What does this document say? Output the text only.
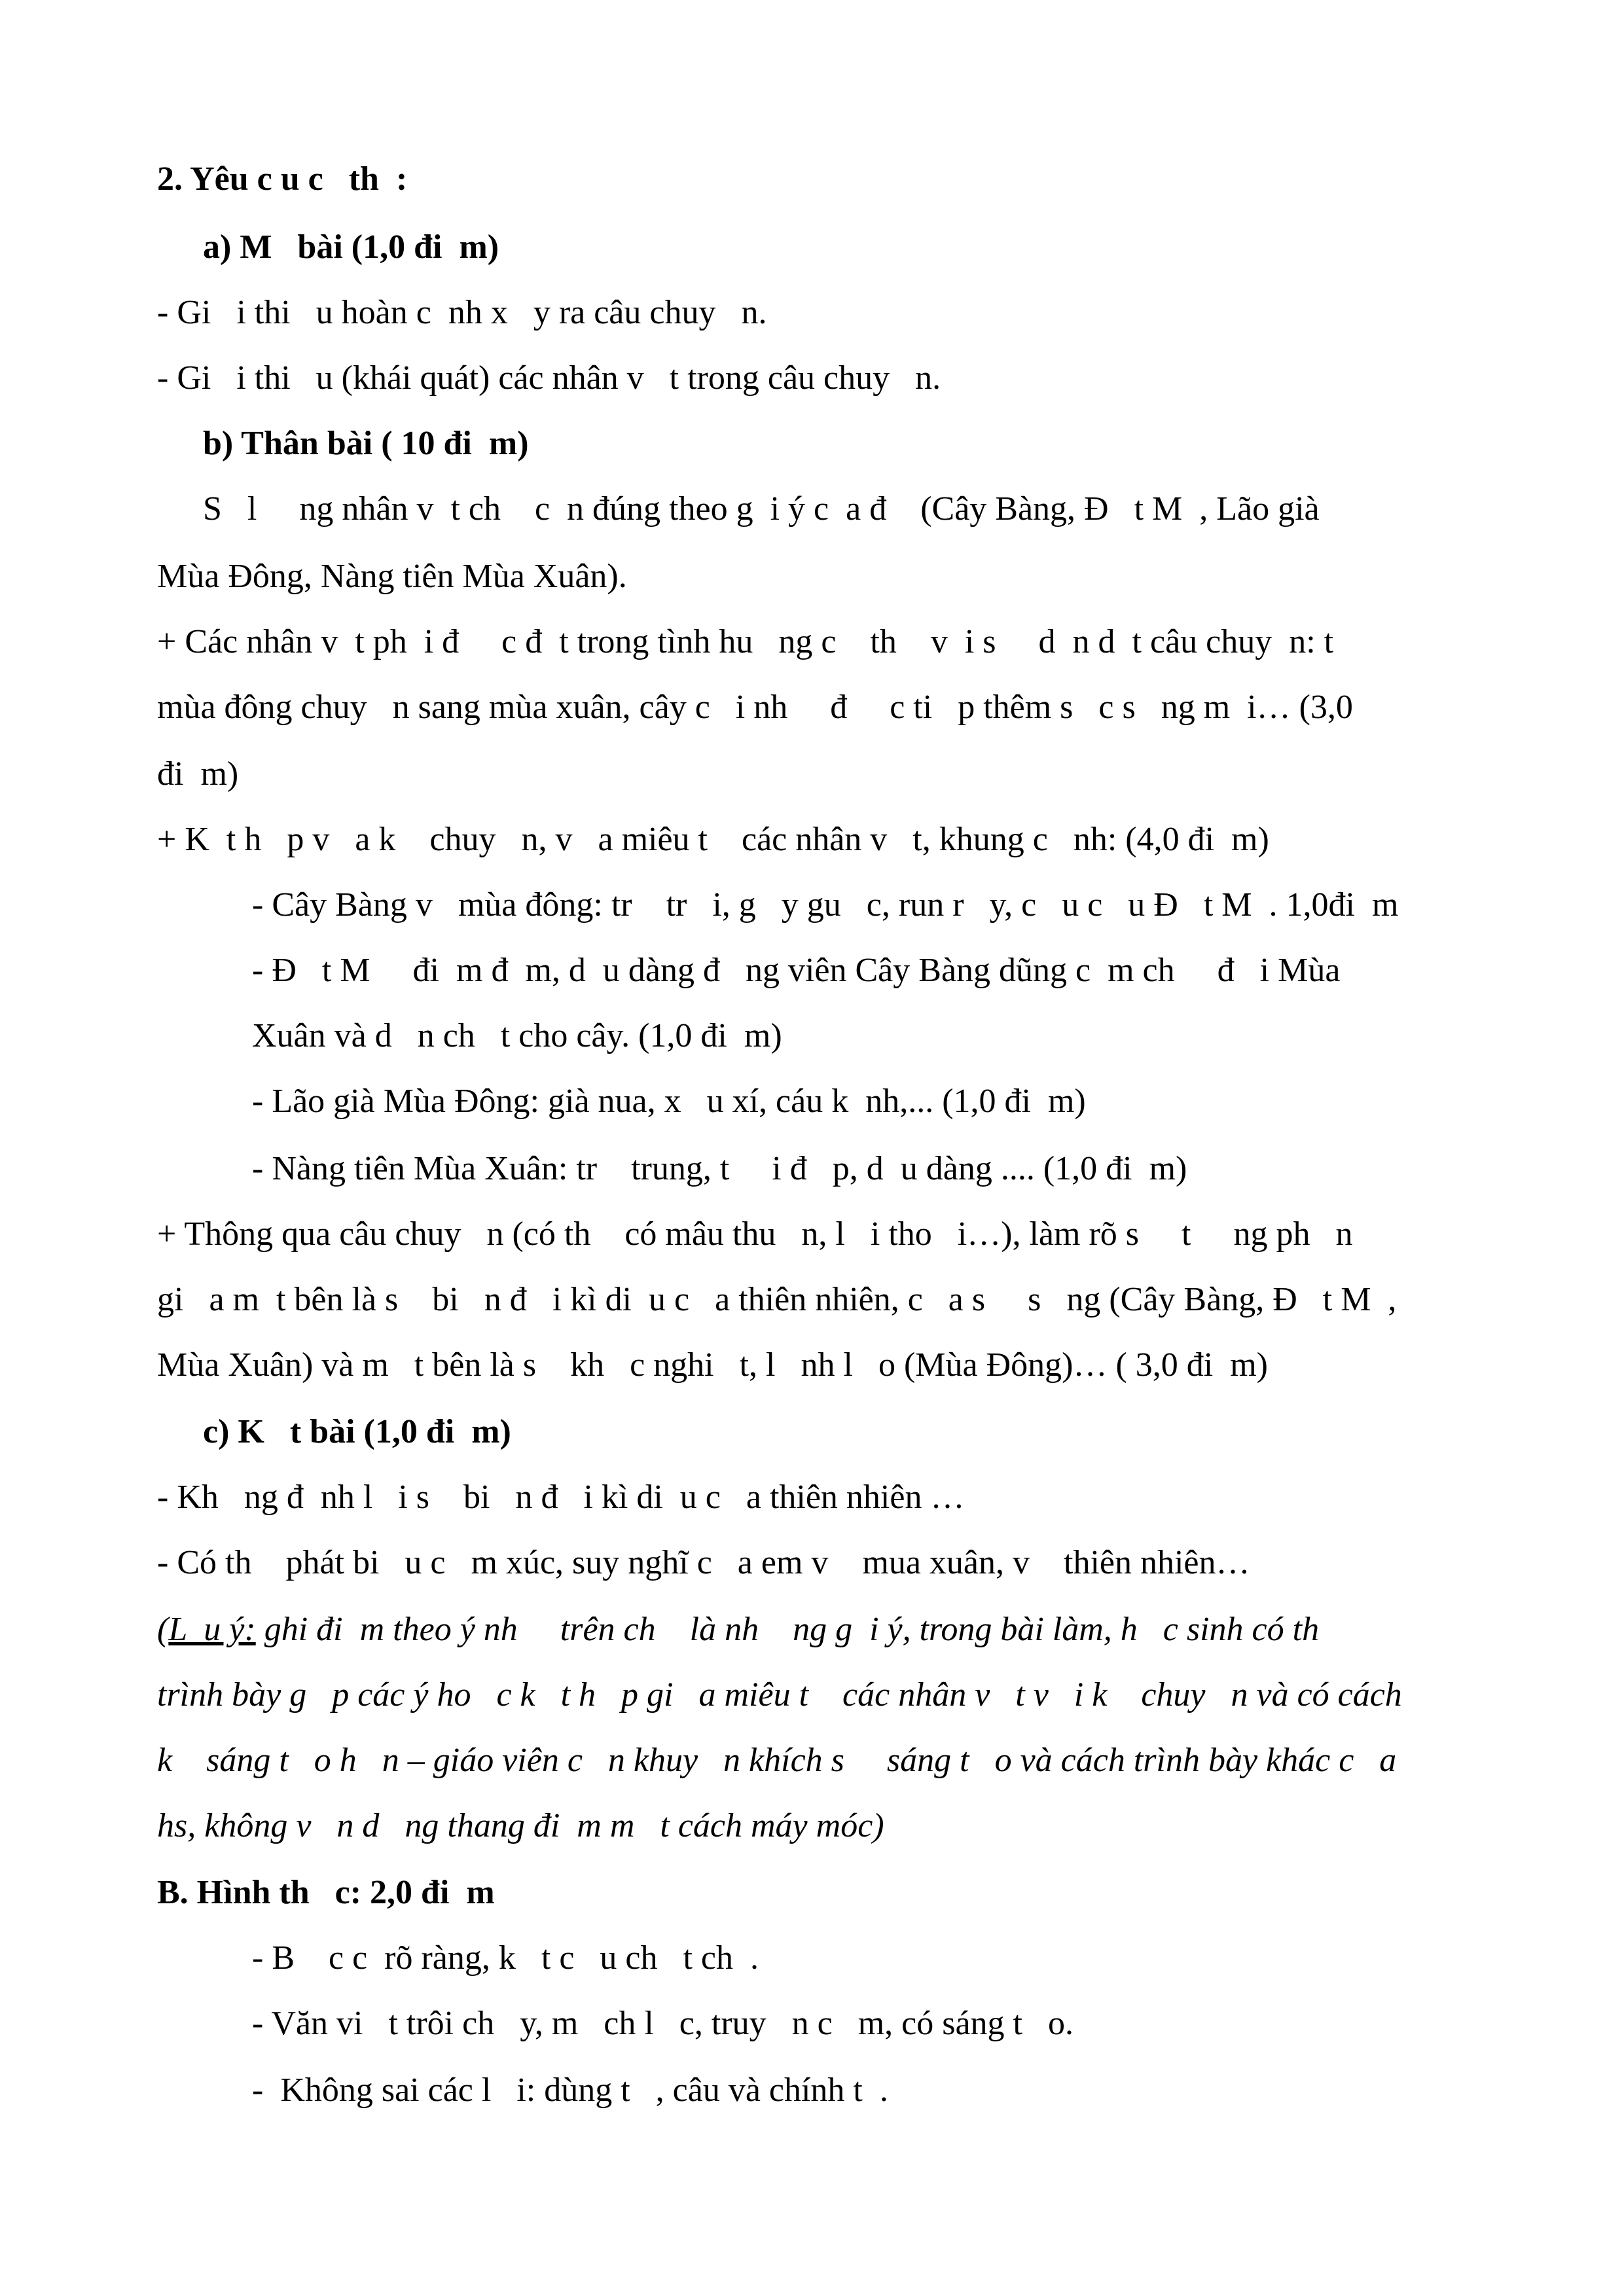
2. Yêu c u c   th  :
a) M   bài (1,0 đi  m)
- Gi   i thi   u hoàn c  nh x   y ra câu chuy   n.
- Gi   i thi   u (khái quát) các nhân v   t trong câu chuy   n.
b) Thân bài ( 10 đi  m)
S   l     ng nhân v  t ch    c  n đúng theo g  i ý c  a đ    (Cây Bàng, Đ   t M  , Lão già
Mùa Đông, Nàng tiên Mùa Xuân).
+ Các nhân v  t ph  i đ     c đ  t trong tình hu   ng c    th    v  i s     d  n d  t câu chuy  n: t
mùa đông chuy   n sang mùa xuân, cây c   i nh     đ     c ti   p thêm s   c s   ng m  i… (3,0
đi  m)
+ K  t h   p v   a k    chuy   n, v   a miêu t    các nhân v   t, khung c   nh: (4,0 đi  m)
- Cây Bàng v   mùa đông: tr    tr   i, g   y gu   c, run r   y, c   u c   u Đ   t M  . 1,0đi  m
- Đ   t M     đi  m đ  m, d  u dàng đ   ng viên Cây Bàng dũng c  m ch     đ   i Mùa
Xuân và d   n ch   t cho cây. (1,0 đi  m)
- Lão già Mùa Đông: già nua, x   u xí, cáu k  nh,... (1,0 đi  m)
- Nàng tiên Mùa Xuân: tr    trung, t     i đ   p, d  u dàng .... (1,0 đi  m)
+ Thông qua câu chuy   n (có th    có mâu thu   n, l   i tho   i…), làm rõ s     t     ng ph   n
gi   a m  t bên là s    bi   n đ   i kì di  u c   a thiên nhiên, c   a s     s   ng (Cây Bàng, Đ   t M  ,
Mùa Xuân) và m   t bên là s    kh   c nghi   t, l   nh l   o (Mùa Đông)… ( 3,0 đi  m)
c) K   t bài (1,0 đi  m)
- Kh   ng đ  nh l   i s    bi   n đ   i kì di  u c   a thiên nhiên …
- Có th    phát bi   u c   m xúc, suy nghĩ c   a em v    mua xuân, v    thiên nhiên…
(L  u ý: ghi đi  m theo ý nh     trên ch    là nh    ng g  i ý, trong bài làm, h   c sinh có th
trình bày g   p các ý ho   c k   t h   p gi   a miêu t    các nhân v   t v   i k    chuy   n và có cách
k    sáng t   o h   n – giáo viên c   n khuy   n khích s     sáng t   o và cách trình bày khác c   a
hs, không v   n d   ng thang đi  m m   t cách máy móc)
B. Hình th   c: 2,0 đi  m
- B    c c  rõ ràng, k   t c   u ch   t ch  .
- Văn vi   t trôi ch   y, m   ch l   c, truy   n c   m, có sáng t   o.
-  Không sai các l   i: dùng t   , câu và chính t  .
